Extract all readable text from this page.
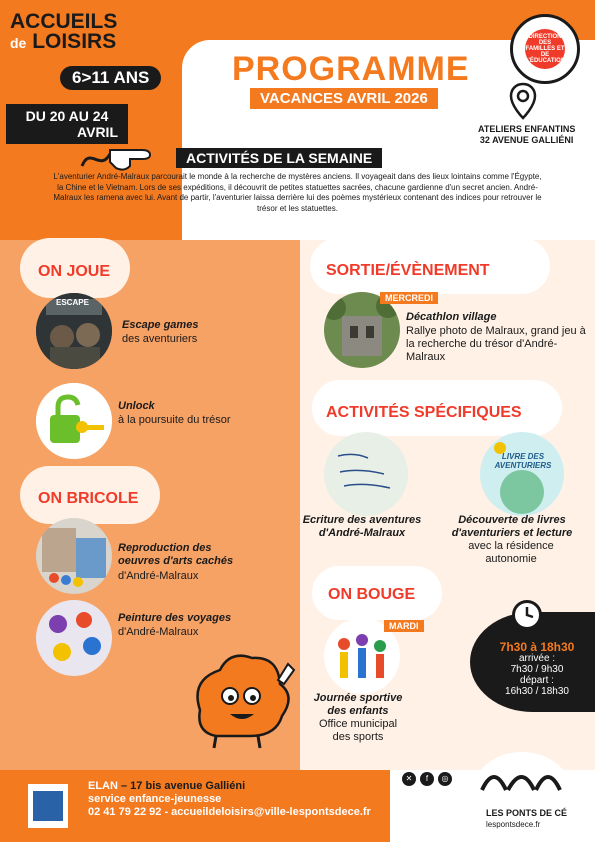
ACCUEILS
de LOISIRS
6>11 ANS
DU 20 AU 24
AVRIL
PROGRAMME
VACANCES AVRIL 2026
DIRECTION DES FAMILLES ET DE L'ÉDUCATION
ATELIERS ENFANTINS
32 AVENUE GALLIÉNI
ACTIVITÉS DE LA SEMAINE
L'aventurier André-Malraux parcourait le monde à la recherche de mystères anciens. Il voyageait dans des lieux lointains comme l'Égypte, la Chine et le Vietnam. Lors de ses expéditions, il découvrit de petites statuettes sacrées, chacune gardienne d'un secret ancien. André-Malraux les ramena avec lui. Avant de partir, l'aventurier laissa derrière lui des poèmes mystérieux contenant des indices pour retrouver le trésor et les statuettes.
ON JOUE
ESCAPE
Escape games
des aventuriers
Unlock
à la poursuite du trésor
ON BRICOLE
Reproduction des oeuvres d'arts cachés
d'André-Malraux
Peinture des voyages
d'André-Malraux
SORTIE/ÉVÈNEMENT
MERCREDI
Décathlon village
Rallye photo de Malraux, grand jeu à la recherche du trésor d'André-Malraux
ACTIVITÉS SPÉCIFIQUES
Ecriture des aventures d'André-Malraux
LIVRE DES AVENTURIERS
Découverte de livres d'aventuriers et lecture
avec la résidence autonomie
ON BOUGE
MARDI
Journée sportive des enfants
Office municipal des sports
7h30 à 18h30
arrivée :
7h30 / 9h30
départ :
16h30 / 18h30
ELAN – 17 bis avenue Galliéni
service enfance-jeunesse
02 41 79 22 92 - accueildeloisirs@ville-lespontsdece.fr
✕	f	◎
LES PONTS DE CÉ
lespontsdece.fr
